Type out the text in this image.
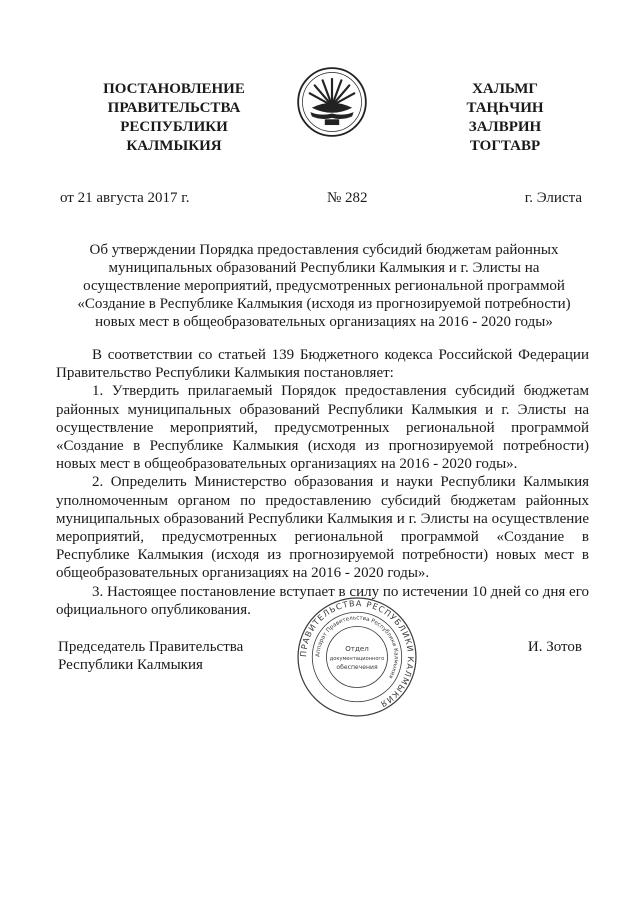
ПОСТАНОВЛЕНИЕ
ПРАВИТЕЛЬСТВА
РЕСПУБЛИКИ
КАЛМЫКИЯ
ХАЛЬМГ
ТАҢҺЧИН
ЗАЛВРИН
ТОГТАВР
от 21 августа 2017 г.	№ 282	г. Элиста
Об утверждении Порядка предоставления субсидий бюджетам районных муниципальных образований Республики Калмыкия и г. Элисты на осуществление мероприятий, предусмотренных региональной программой «Создание в Республике Калмыкия (исходя из прогнозируемой потребности) новых мест в общеобразовательных организациях на 2016 - 2020 годы»

В соответствии со статьей 139 Бюджетного кодекса Российской Федерации Правительство Республики Калмыкия постановляет:

1. Утвердить прилагаемый Порядок предоставления субсидий бюджетам районных муниципальных образований Республики Калмыкия и г. Элисты на осуществление мероприятий, предусмотренных региональной программой «Создание в Республике Калмыкия (исходя из прогнозируемой потребности) новых мест в общеобразовательных организациях на 2016 - 2020 годы».

2. Определить Министерство образования и науки Республики Калмыкия уполномоченным органом по предоставлению субсидий бюджетам районных муниципальных образований Республики Калмыкия и г. Элисты на осуществление мероприятий, предусмотренных региональной программой «Создание в Республике Калмыкия (исходя из прогнозируемой потребности) новых мест в общеобразовательных организациях на 2016 - 2020 годы».

3. Настоящее постановление вступает в силу по истечении 10 дней со дня его официального опубликования.

Председатель Правительства
Республики Калмыкия
ПРАВИТЕЛЬСТВА РЕСПУБЛИКИ КАЛМЫКИЯ
Аппарат Правительства Республики Калмыкия
Отдел
документационного
обеспечения
И. Зотов
